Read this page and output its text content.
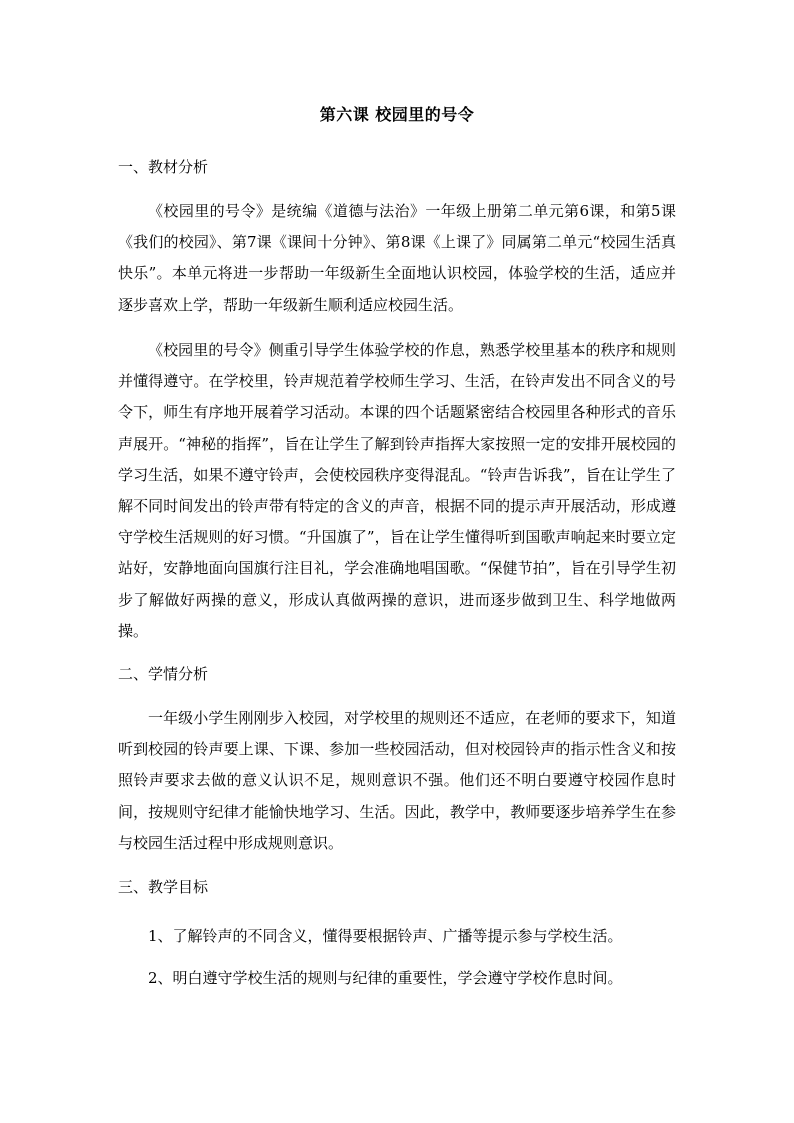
第六课 校园里的号令
一、教材分析

《校园里的号令》是统编《道德与法治》一年级上册第二单元第6课，和第5课《我们的校园》、第7课《课间十分钟》、第8课《上课了》同属第二单元“校园生活真快乐”。本单元将进一步帮助一年级新生全面地认识校园，体验学校的生活，适应并逐步喜欢上学，帮助一年级新生顺利适应校园生活。

《校园里的号令》侧重引导学生体验学校的作息，熟悉学校里基本的秩序和规则并懂得遵守。在学校里，铃声规范着学校师生学习、生活，在铃声发出不同含义的号令下，师生有序地开展着学习活动。本课的四个话题紧密结合校园里各种形式的音乐声展开。“神秘的指挥”，旨在让学生了解到铃声指挥大家按照一定的安排开展校园的学习生活，如果不遵守铃声，会使校园秩序变得混乱。“铃声告诉我”，旨在让学生了解不同时间发出的铃声带有特定的含义的声音，根据不同的提示声开展活动，形成遵守学校生活规则的好习惯。“升国旗了”，旨在让学生懂得听到国歌声响起来时要立定站好，安静地面向国旗行注目礼，学会准确地唱国歌。“保健节拍”，旨在引导学生初步了解做好两操的意义，形成认真做两操的意识，进而逐步做到卫生、科学地做两操。

二、学情分析

一年级小学生刚刚步入校园，对学校里的规则还不适应，在老师的要求下，知道听到校园的铃声要上课、下课、参加一些校园活动，但对校园铃声的指示性含义和按照铃声要求去做的意义认识不足，规则意识不强。他们还不明白要遵守校园作息时间，按规则守纪律才能愉快地学习、生活。因此，教学中，教师要逐步培养学生在参与校园生活过程中形成规则意识。

三、教学目标
1、了解铃声的不同含义，懂得要根据铃声、广播等提示参与学校生活。
2、明白遵守学校生活的规则与纪律的重要性，学会遵守学校作息时间。
